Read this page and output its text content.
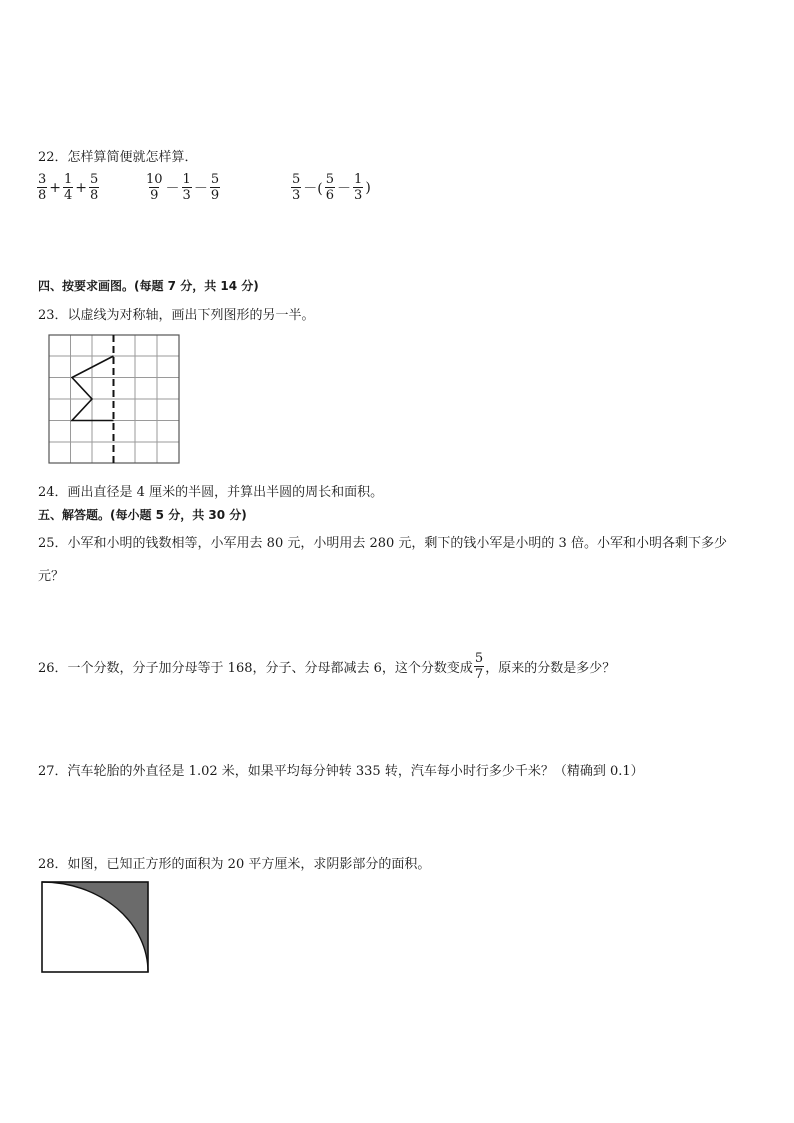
22．怎样算简便就怎样算．
$\frac{3}{8} + \frac{1}{4} + \frac{5}{8}$	$\frac{10}{9} - \frac{1}{3} - \frac{5}{9}$	$\frac{5}{3}$ －( $\frac{5}{6} - \frac{1}{3}$ )
四、按要求画图。(每题 7 分，共 14 分)
23．以虚线为对称轴，画出下列图形的另一半。
24．画出直径是 4 厘米的半圆，并算出半圆的周长和面积。
五、解答题。(每小题 5 分，共 30 分)
25．小军和小明的钱数相等，小军用去 80 元，小明用去 280 元，剩下的钱小军是小明的 3 倍。小军和小明各剩下多少
元？
26．一个分数，分子加分母等于 168，分子、分母都减去 6，这个分数变成 $\frac{5}{7}$ ，原来的分数是多少？
27．汽车轮胎的外直径是 1.02 米，如果平均每分钟转 335 转，汽车每小时行多少千米？（精确到 0.1）
28．如图，已知正方形的面积为 20 平方厘米，求阴影部分的面积。
